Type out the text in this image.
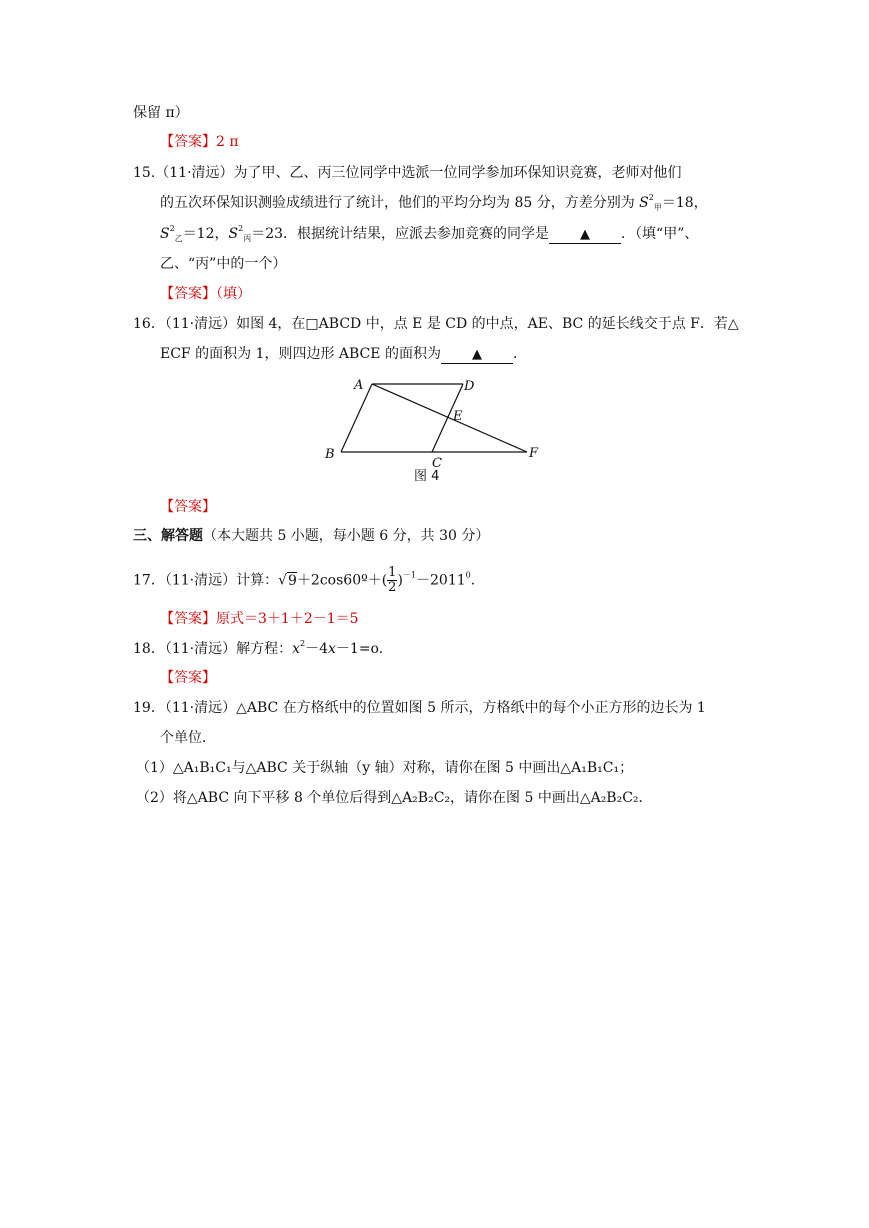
保留 π）
【答案】2 π
15.（11·清远）为了甲、乙、丙三位同学中选派一位同学参加环保知识竞赛，老师对他们
的五次环保知识测验成绩进行了统计，他们的平均分均为 85 分，方差分别为 $S^2_甲=18$，
$S^2_乙=12$，$S^2_丙=23$．根据统计结果，应派去参加竞赛的同学是 ▲ ．（填“甲”、
乙、“丙”中的一个）
【答案】（填）
16．（11·清远）如图 4，在□ABCD 中，点 E 是 CD 的中点，AE、BC 的延长线交于点 F．若△
ECF 的面积为 1，则四边形 ABCE 的面积为 ▲ ．
A	D
E
B
C
F
图 4
【答案】
三、解答题（本大题共 5 小题，每小题 6 分，共 30 分）
17．（11·清远）计算：√9＋2cos60º＋( $\frac{1}{2} )^{-1}-2011^0$.
【答案】原式＝3＋1＋2－1＝5
18．（11·清远）解方程：$x^2-4x-1=o$.
【答案】
19．（11·清远）△ABC 在方格纸中的位置如图 5 所示，方格纸中的每个小正方形的边长为 1
个单位．
（1）△A₁B₁C₁与△ABC 关于纵轴（y 轴）对称，请你在图 5 中画出△A₁B₁C₁；
（2）将△ABC 向下平移 8 个单位后得到△A₂B₂C₂，请你在图 5 中画出△A₂B₂C₂．
